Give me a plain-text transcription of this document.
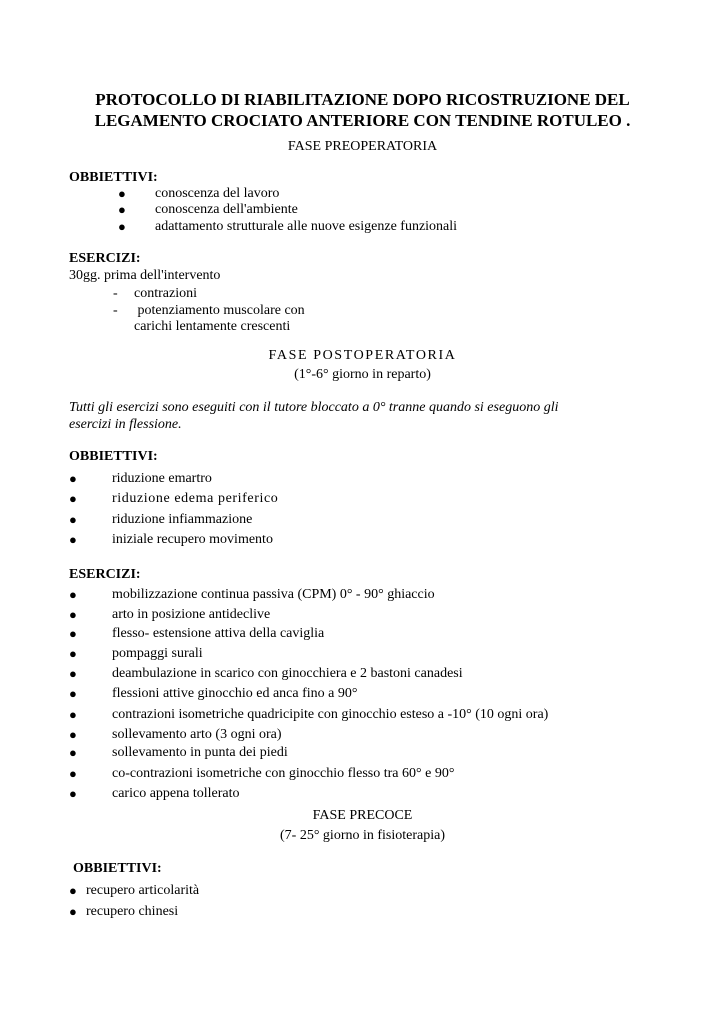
PROTOCOLLO DI RIABILITAZIONE DOPO RICOSTRUZIONE DEL
LEGAMENTO CROCIATO ANTERIORE CON TENDINE ROTULEO .
FASE PREOPERATORIA
OBBIETTIVI:
● conoscenza del lavoro
● conoscenza dell'ambiente
● adattamento strutturale alle nuove esigenze funzionali
ESERCIZI:
30gg. prima dell'intervento
- contrazioni
- potenziamento muscolare con
carichi lentamente crescenti
FASE POSTOPERATORIA
(1°-6° giorno in reparto)
Tutti gli esercizi sono eseguiti con il tutore bloccato a 0° tranne quando si eseguono gli
esercizi in flessione.
OBBIETTIVI:
●	riduzione emartro
●	riduzione edema periferico
●	riduzione infiammazione
●	iniziale recupero movimento
ESERCIZI:
●	mobilizzazione continua passiva (CPM) 0° - 90° ghiaccio
●	arto in posizione antideclive
●	flesso- estensione attiva della caviglia
●	pompaggi surali
●	deambulazione in scarico con ginocchiera e 2 bastoni canadesi
●	flessioni attive ginocchio ed anca fino a 90°
●	contrazioni isometriche quadricipite con ginocchio esteso a -10° (10 ogni ora)
●	sollevamento arto (3 ogni ora)
●	sollevamento in punta dei piedi
●	co-contrazioni isometriche con ginocchio flesso tra 60° e 90°
●	carico appena tollerato
FASE PRECOCE
(7- 25° giorno in fisioterapia)
OBBIETTIVI:
● recupero articolarità
● recupero chinesi
